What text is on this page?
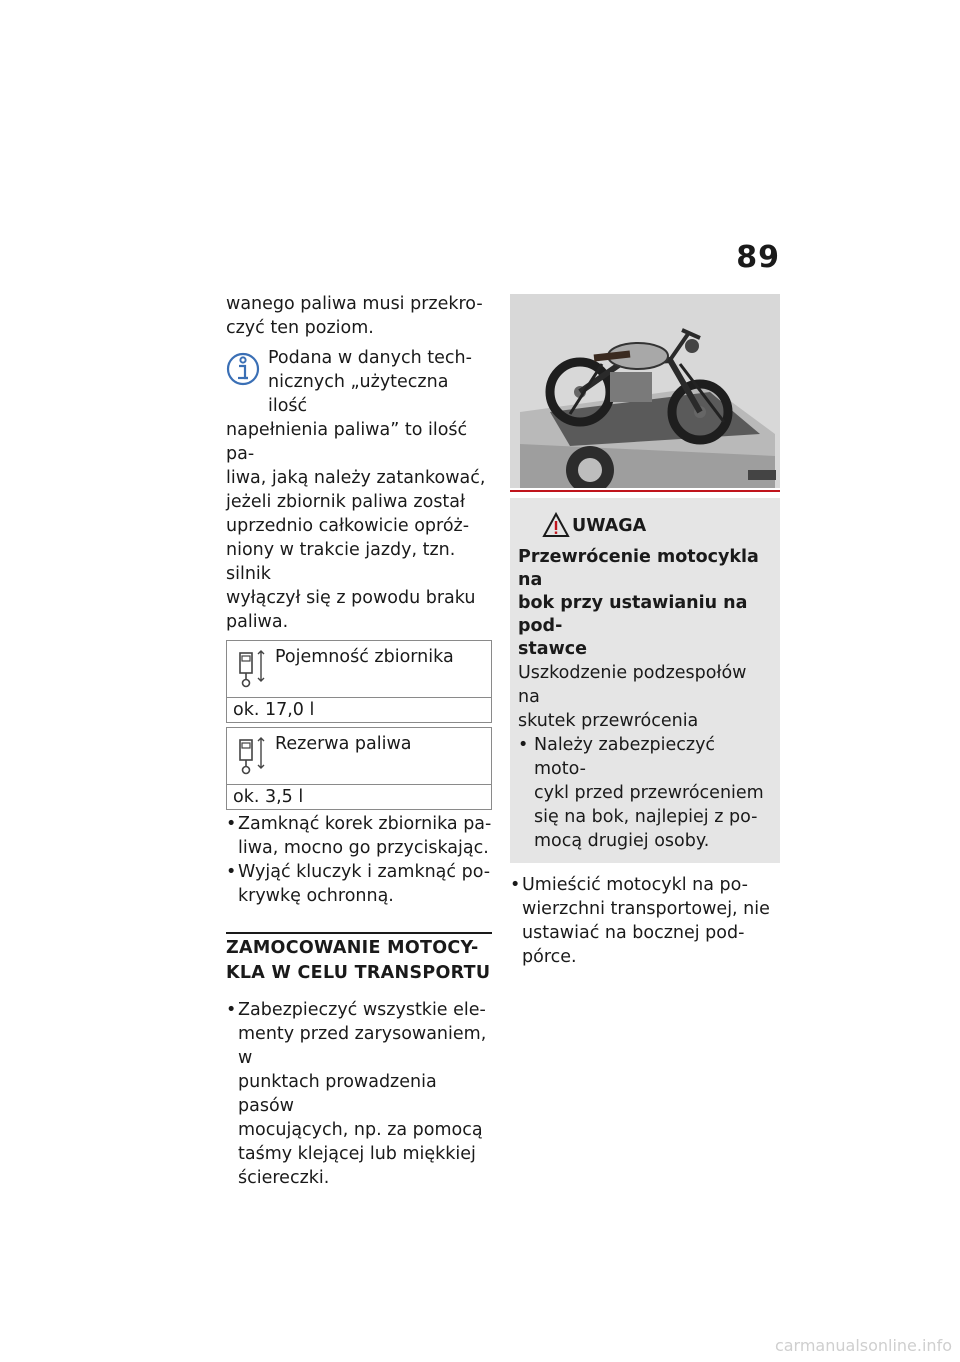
89

wanego paliwa musi przekro-

czyć ten poziom.

Podana w danych tech-

nicznych „użyteczna ilość

napełnienia paliwa” to ilość pa-

liwa, jaką należy zatankować,

jeżeli zbiornik paliwa został

uprzednio całkowicie opróż-

niony w trakcie jazdy, tzn. silnik

wyłączył się z powodu braku

paliwa.

Pojemność zbiornika
ok. 17,0 l
Rezerwa paliwa
ok. 3,5 l
• Zamknąć korek zbiornika pa-
liwa, mocno go przyciskając.
• Wyjąć kluczyk i zamknąć po-
krywkę ochronną.
ZAMOCOWANIE MOTOCY-
KLA W CELU TRANSPORTU
• Zabezpieczyć wszystkie ele-
menty przed zarysowaniem, w
punktach prowadzenia pasów
mocujących, np. za pomocą
taśmy klejącej lub miękkiej
ściereczki.
UWAGA
Przewrócenie motocykla na
bok przy ustawianiu na pod-
stawce
Uszkodzenie podzespołów na
skutek przewrócenia
• Należy zabezpieczyć moto-
cykl przed przewróceniem
się na bok, najlepiej z po-
mocą drugiej osoby.
• Umieścić motocykl na po-
wierzchni transportowej, nie
ustawiać na bocznej pod-
pórce.
carmanualsonline.info
